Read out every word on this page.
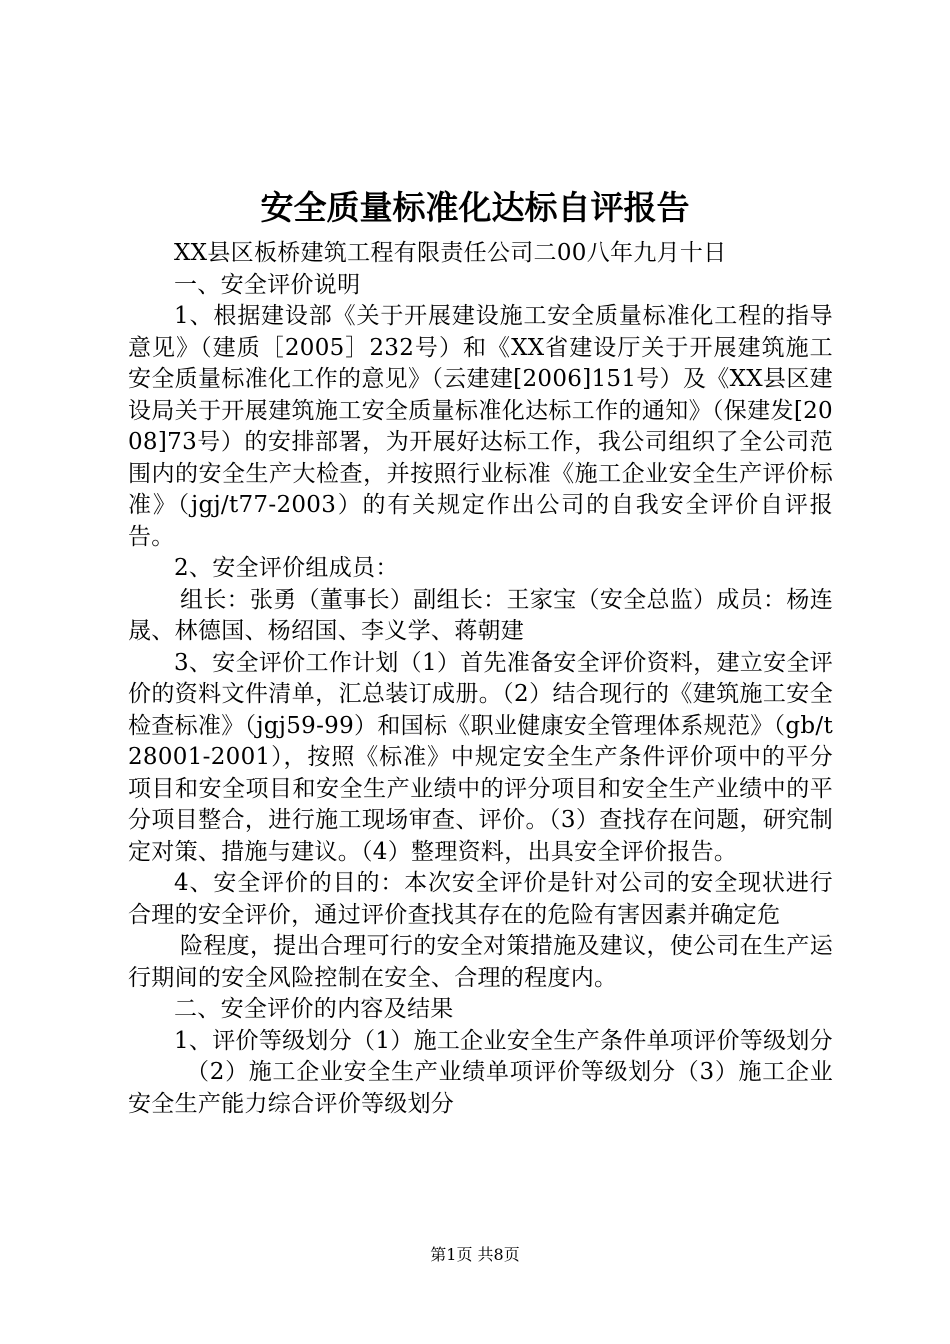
安全质量标准化达标自评报告

XX县区板桥建筑工程有限责任公司二00八年九月十日

一、安全评价说明

1、根据建设部《关于开展建设施工安全质量标准化工程的指导意见》（建质［2005］232号）和《XX省建设厅关于开展建筑施工安全质量标准化工作的意见》（云建建[2006]151号）及《XX县区建设局关于开展建筑施工安全质量标准化达标工作的通知》（保建发[2008]73号）的安排部署，为开展好达标工作，我公司组织了全公司范围内的安全生产大检查，并按照行业标准《施工企业安全生产评价标准》（jgj/t77-2003）的有关规定作出公司的自我安全评价自评报告。

2、安全评价组成员：

组长：张勇（董事长）副组长：王家宝（安全总监）成员：杨连晟、林德国、杨绍国、李义学、蒋朝建

3、安全评价工作计划（1）首先准备安全评价资料，建立安全评价的资料文件清单，汇总装订成册。（2）结合现行的《建筑施工安全检查标准》（jgj59-99）和国标《职业健康安全管理体系规范》（gb/t28001-2001），按照《标准》中规定安全生产条件评价项中的平分项目和安全项目和安全生产业绩中的评分项目和安全生产业绩中的平分项目整合，进行施工现场审查、评价。（3）查找存在问题，研究制定对策、措施与建议。（4）整理资料，出具安全评价报告。

4、安全评价的目的：本次安全评价是针对公司的安全现状进行合理的安全评价，通过评价查找其存在的危险有害因素并确定危

险程度，提出合理可行的安全对策措施及建议，使公司在生产运行期间的安全风险控制在安全、合理的程度内。

二、安全评价的内容及结果

1、评价等级划分（1）施工企业安全生产条件单项评价等级划分

（2）施工企业安全生产业绩单项评价等级划分（3）施工企业安全生产能力综合评价等级划分

第1页 共8页
